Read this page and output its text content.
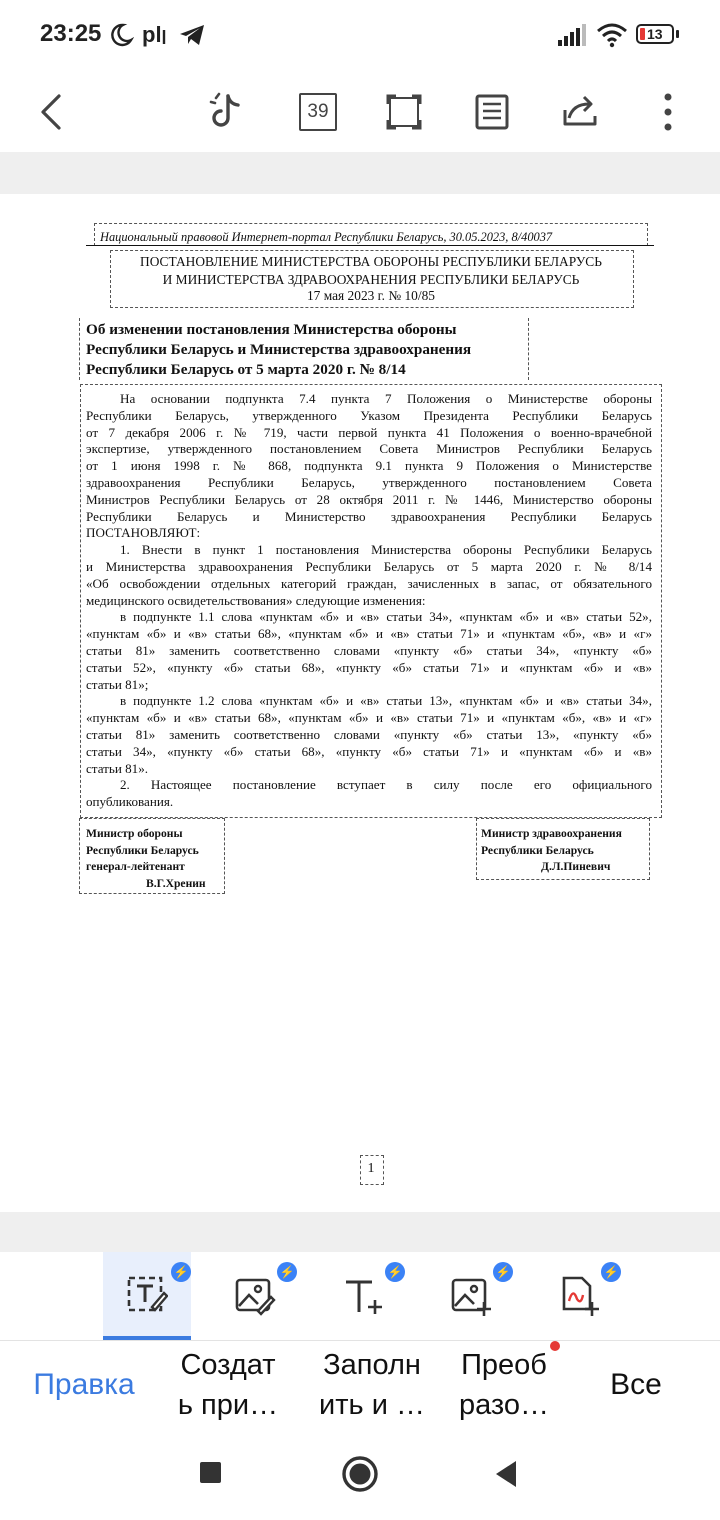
23:25 pl	13
39
Национальный правовой Интернет-портал Республики Беларусь, 30.05.2023, 8/40037
ПОСТАНОВЛЕНИЕ МИНИСТЕРСТВА ОБОРОНЫ РЕСПУБЛИКИ БЕЛАРУСЬ
И МИНИСТЕРСТВА ЗДРАВООХРАНЕНИЯ РЕСПУБЛИКИ БЕЛАРУСЬ
17 мая 2023 г. № 10/85
Об изменении постановления Министерства обороны
Республики Беларусь и Министерства здравоохранения
Республики Беларусь от 5 марта 2020 г. № 8/14
На основании подпункта 7.4 пункта 7 Положения о Министерстве обороны
Республики Беларусь, утвержденного Указом Президента Республики Беларусь
от 7 декабря 2006 г. № 719, части первой пункта 41 Положения о военно-врачебной
экспертизе, утвержденного постановлением Совета Министров Республики Беларусь
от 1 июня 1998 г. № 868, подпункта 9.1 пункта 9 Положения о Министерстве
здравоохранения Республики Беларусь, утвержденного постановлением Совета
Министров Республики Беларусь от 28 октября 2011 г. № 1446, Министерство обороны
Республики Беларусь и Министерство здравоохранения Республики Беларусь
ПОСТАНОВЛЯЮТ:
1. Внести в пункт 1 постановления Министерства обороны Республики Беларусь
и Министерства здравоохранения Республики Беларусь от 5 марта 2020 г. № 8/14
«Об освобождении отдельных категорий граждан, зачисленных в запас, от обязательного
медицинского освидетельствования» следующие изменения:
в подпункте 1.1 слова «пунктам «б» и «в» статьи 34», «пунктам «б» и «в» статьи 52»,
«пунктам «б» и «в» статьи 68», «пунктам «б» и «в» статьи 71» и «пунктам «б», «в» и «г»
статьи 81» заменить соответственно словами «пункту «б» статьи 34», «пункту «б»
статьи 52», «пункту «б» статьи 68», «пункту «б» статьи 71» и «пунктам «б» и «в»
статьи 81»;
в подпункте 1.2 слова «пунктам «б» и «в» статьи 13», «пунктам «б» и «в» статьи 34»,
«пунктам «б» и «в» статьи 68», «пунктам «б» и «в» статьи 71» и «пунктам «б», «в» и «г»
статьи 81» заменить соответственно словами «пункту «б» статьи 13», «пункту «б»
статьи 34», «пункту «б» статьи 68», «пункту «б» статьи 71» и «пунктам «б» и «в»
статьи 81».
2. Настоящее постановление вступает в силу после его официального
опубликования.
Министр обороны
Республики Беларусь
генерал-лейтенант
В.Г.Хренин
Министр здравоохранения
Республики Беларусь
Д.Л.Пиневич
1
⚡	⚡	⚡	⚡	⚡
Правка
Создат
ь при…
Заполн
ить и …
Преоб
разо…
Все
